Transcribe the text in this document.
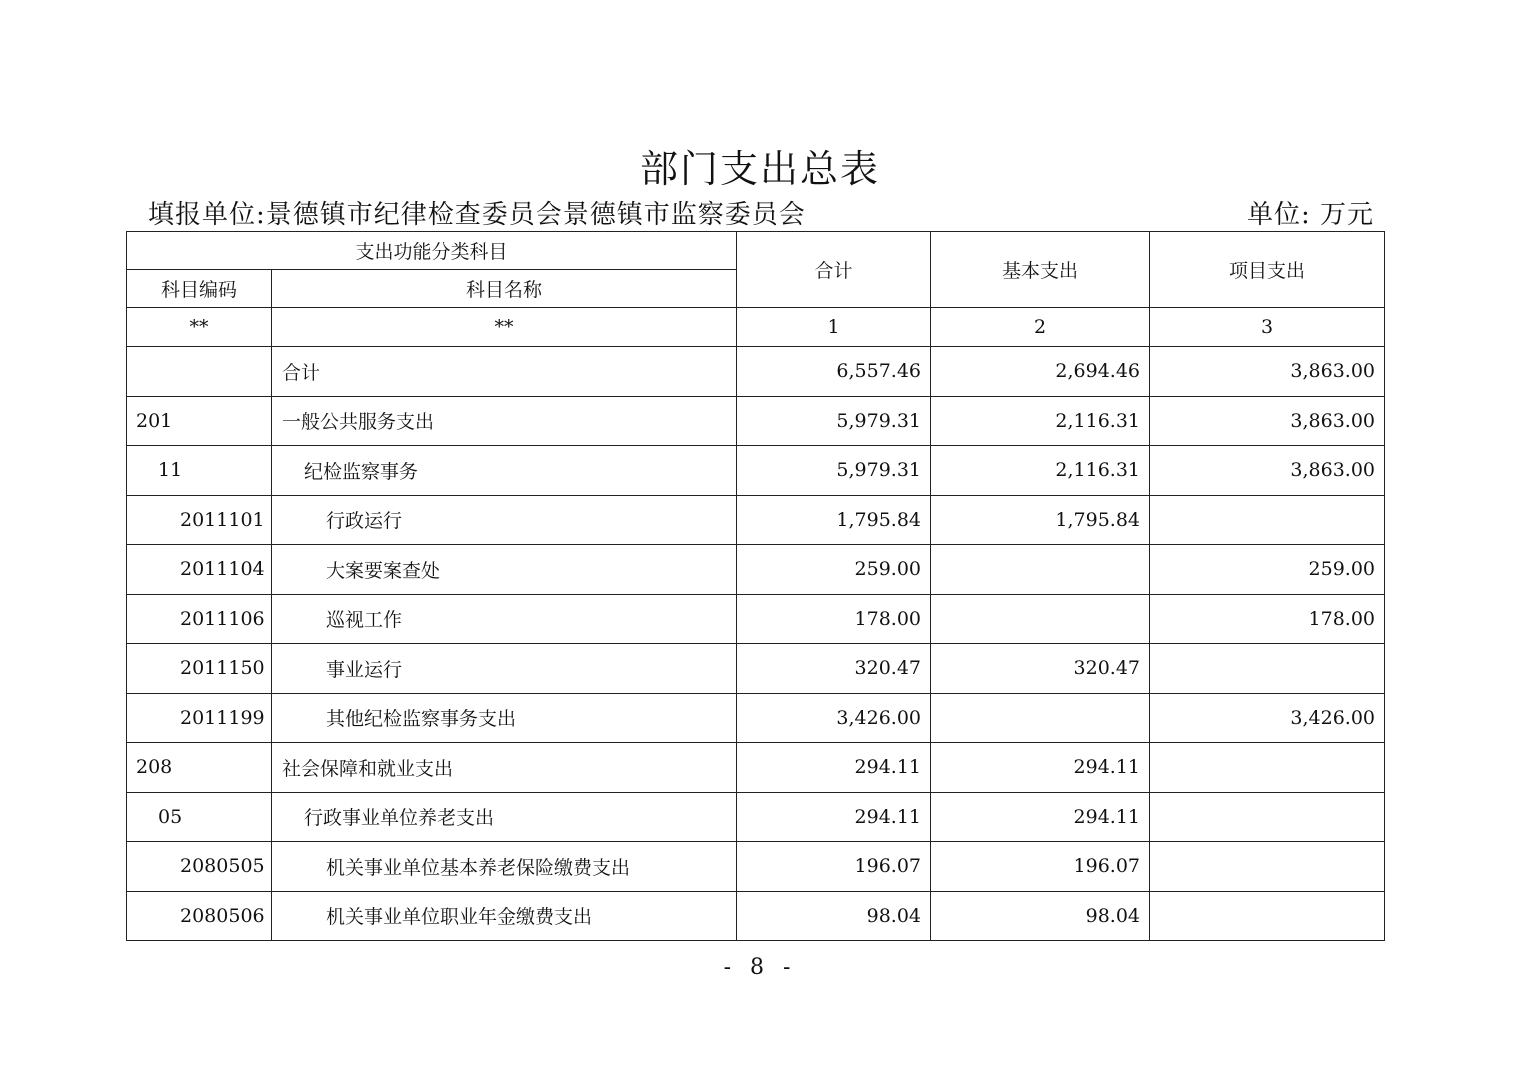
部门支出总表
填报单位:景德镇市纪律检查委员会景德镇市监察委员会	单位: 万元
支出功能分类科目		合计	基本支出	项目支出
科目编码	科目名称			
**	**	1	2	3
	合计	6,557.46	2,694.46	3,863.00
201	一般公共服务支出	5,979.31	2,116.31	3,863.00
11	纪检监察事务	5,979.31	2,116.31	3,863.00
2011101	行政运行	1,795.84	1,795.84	
2011104	大案要案查处	259.00		259.00
2011106	巡视工作	178.00		178.00
2011150	事业运行	320.47	320.47	
2011199	其他纪检监察事务支出	3,426.00		3,426.00
208	社会保障和就业支出	294.11	294.11	
05	行政事业单位养老支出	294.11	294.11	
2080505	机关事业单位基本养老保险缴费支出	196.07	196.07	
2080506	机关事业单位职业年金缴费支出	98.04	98.04	
- 8 -
